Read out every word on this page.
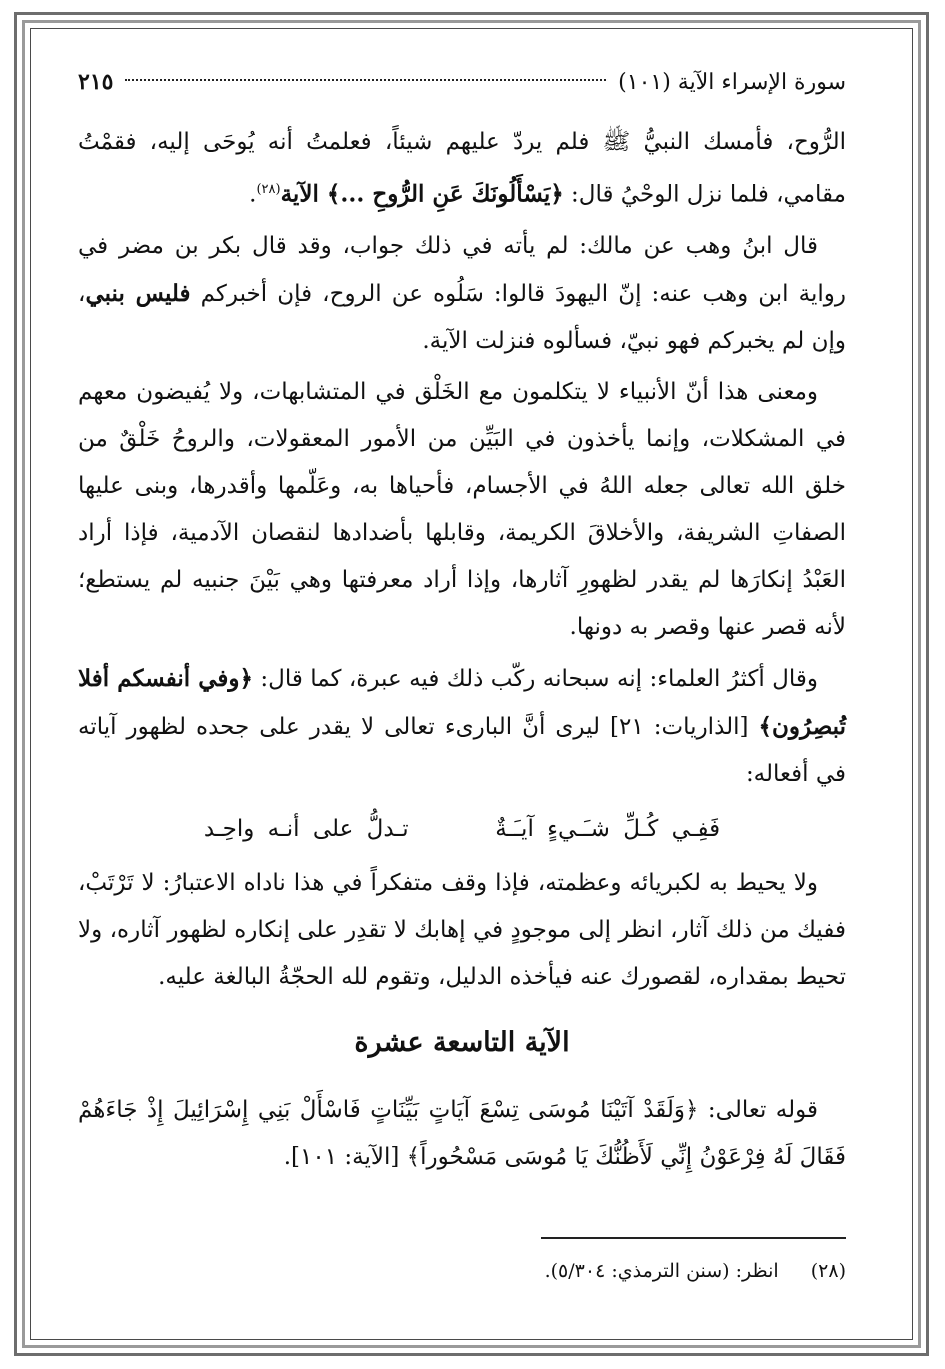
سورة الإسراء الآية (١٠١)
٢١٥

الرُّوح، فأمسك النبيُّ ﷺ فلم يردّ عليهم شيئاً، فعلمتُ أنه يُوحَى إليه، فقمْتُ مقامي، فلما نزل الوحْيُ قال: ﴿يَسْأَلُونَكَ عَنِ الرُّوحِ ...﴾ الآية$^{(٢٨)}$.

قال ابنُ وهب عن مالك: لم يأته في ذلك جواب، وقد قال بكر بن مضر في رواية ابن وهب عنه: إنّ اليهودَ قالوا: سَلُوه عن الروح، فإن أخبركم فليس بنبي، وإن لم يخبركم فهو نبيّ، فسألوه فنزلت الآية.

ومعنى هذا أنّ الأنبياء لا يتكلمون مع الخَلْق في المتشابهات، ولا يُفيضون معهم في المشكلات، وإنما يأخذون في البَيِّن من الأمور المعقولات، والروحُ خَلْقٌ من خلق الله تعالى جعله اللهُ في الأجسام، فأحياها به، وعَلّمها وأقدرها، وبنى عليها الصفاتِ الشريفة، والأخلاقَ الكريمة، وقابلها بأضدادها لنقصان الآدمية، فإذا أراد العَبْدُ إنكارَها لم يقدر لظهورِ آثارها، وإذا أراد معرفتها وهي بَيْنَ جنبيه لم يستطع؛ لأنه قصر عنها وقصر به دونها.

وقال أكثرُ العلماء: إنه سبحانه ركّب ذلك فيه عبرة، كما قال: ﴿وفي أنفسكم أفلا تُبصِرُون﴾ [الذاريات: ٢١] ليرى أنَّ البارىء تعالى لا يقدر على جحده لظهور آياته في أفعاله:

فَفِـي كُـلِّ شـَـيءٍ آيـَـةٌ  تـدلُّ على أنـه واحِـد

ولا يحيط به لكبريائه وعظمته، فإذا وقف متفكراً في هذا ناداه الاعتبارُ: لا تَرْتَبْ، ففيك من ذلك آثار، انظر إلى موجودٍ في إهابك لا تقدِر على إنكاره لظهور آثاره، ولا تحيط بمقداره، لقصورك عنه فيأخذه الدليل، وتقوم لله الحجّةُ البالغة عليه.

الآية التاسعة عشرة

قوله تعالى: ﴿وَلَقَدْ آتَيْنَا مُوسَى تِسْعَ آيَاتٍ بَيِّنَاتٍ فَاسْأَلْ بَنِي إِسْرَائِيلَ إِذْ جَاءَهُمْ فَقَالَ لَهُ فِرْعَوْنُ إِنِّي لَأَظُنُّكَ يَا مُوسَى مَسْحُوراً﴾ [الآية: ١٠١].

(٢٨) انظر: (سنن الترمذي: ٥/٣٠٤).
